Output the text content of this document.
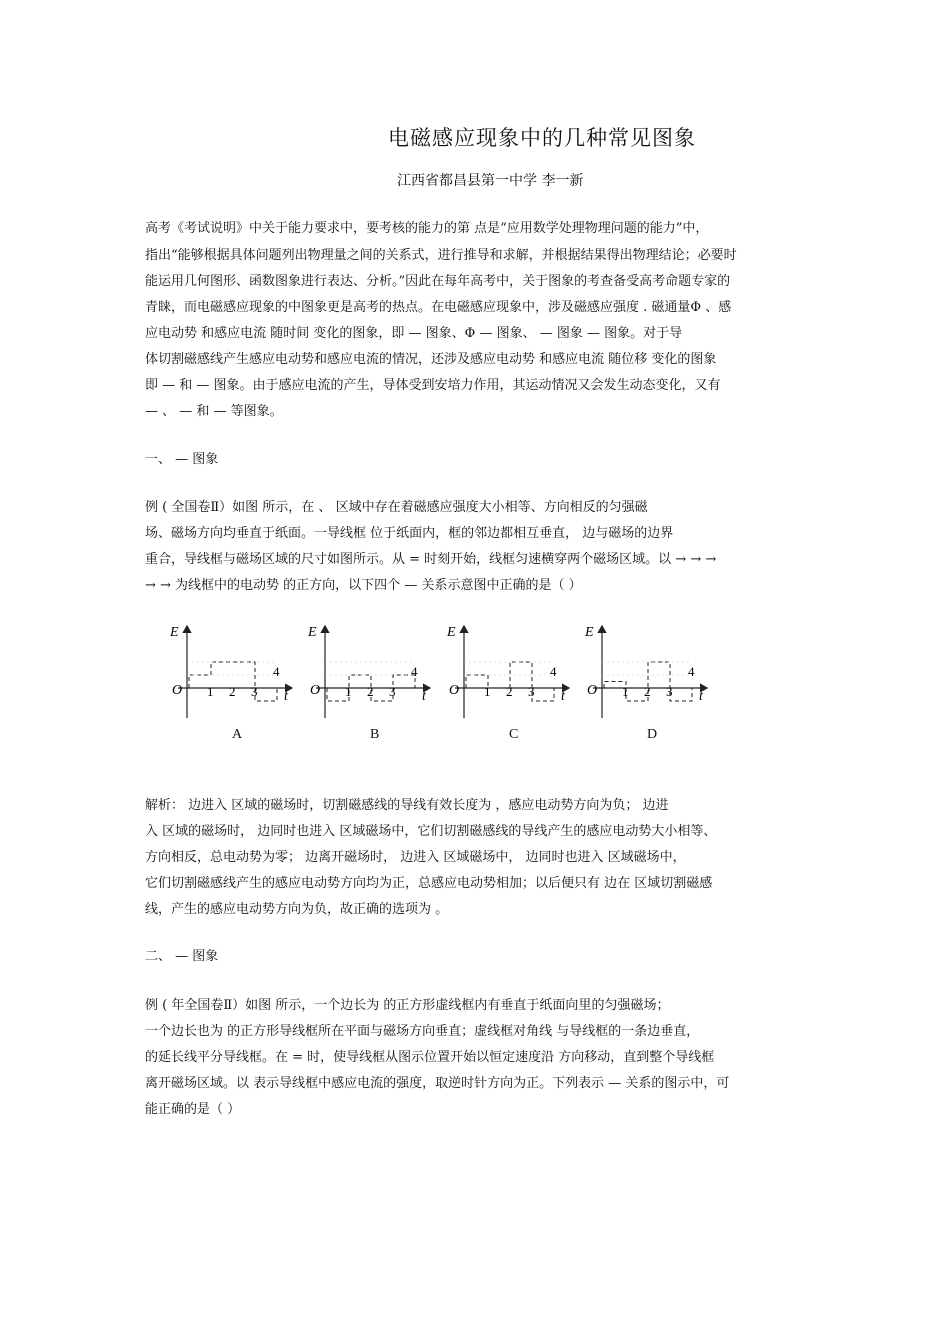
电磁感应现象中的几种常见图象
江西省都昌县第一中学 李一新
高考《考试说明》中关于能力要求中，要考核的能力的第 点是“应用数学处理物理问题的能力”中，
指出“能够根据具体问题列出物理量之间的关系式，进行推导和求解，并根据结果得出物理结论；必要时
能运用几何图形、函数图象进行表达、分析。”因此在每年高考中，关于图象的考查备受高考命题专家的
青睐，而电磁感应现象的中图象更是高考的热点。在电磁感应现象中，涉及磁感应强度 . 磁通量Φ 、感
应电动势 和感应电流 随时间 变化的图象，即 — 图象、Φ — 图象、 — 图象 — 图象。对于导
体切割磁感线产生感应电动势和感应电流的情况，还涉及感应电动势 和感应电流 随位移 变化的图象
即 — 和 — 图象。由于感应电流的产生，导体受到安培力作用，其运动情况又会发生动态变化，又有
— 、 — 和 — 等图象。
一、 — 图象
例 ( 全国卷Ⅱ）如图 所示，在 、 区域中存在着磁感应强度大小相等、方向相反的匀强磁
场、磁场方向均垂直于纸面。一导线框 位于纸面内，框的邻边都相互垂直， 边与磁场的边界
重合，导线框与磁场区域的尺寸如图所示。从 = 时刻开始，线框匀速横穿两个磁场区域。以 → → →
→ → 为线框中的电动势 的正方向，以下四个 — 关系示意图中正确的是（ ）
E
t
O 1 2 3
4
E
t
O 1 2 3
4
E
t
O 1 2 3
4
E
t
O 1 2 3
4
A	B	C	D
解析： 边进入 区域的磁场时，切割磁感线的导线有效长度为 ，感应电动势方向为负； 边进
入 区域的磁场时， 边同时也进入 区域磁场中，它们切割磁感线的导线产生的感应电动势大小相等、
方向相反，总电动势为零； 边离开磁场时， 边进入 区域磁场中， 边同时也进入 区域磁场中，
它们切割磁感线产生的感应电动势方向均为正，总感应电动势相加；以后便只有 边在 区域切割磁感
线，产生的感应电动势方向为负，故正确的选项为 。
二、 — 图象
例 ( 年全国卷Ⅱ）如图 所示，一个边长为 的正方形虚线框内有垂直于纸面向里的匀强磁场；
一个边长也为 的正方形导线框所在平面与磁场方向垂直；虚线框对角线 与导线框的一条边垂直，
的延长线平分导线框。在 = 时，使导线框从图示位置开始以恒定速度沿 方向移动，直到整个导线框
离开磁场区域。以 表示导线框中感应电流的强度，取逆时针方向为正。下列表示 — 关系的图示中，可
能正确的是（ ）
